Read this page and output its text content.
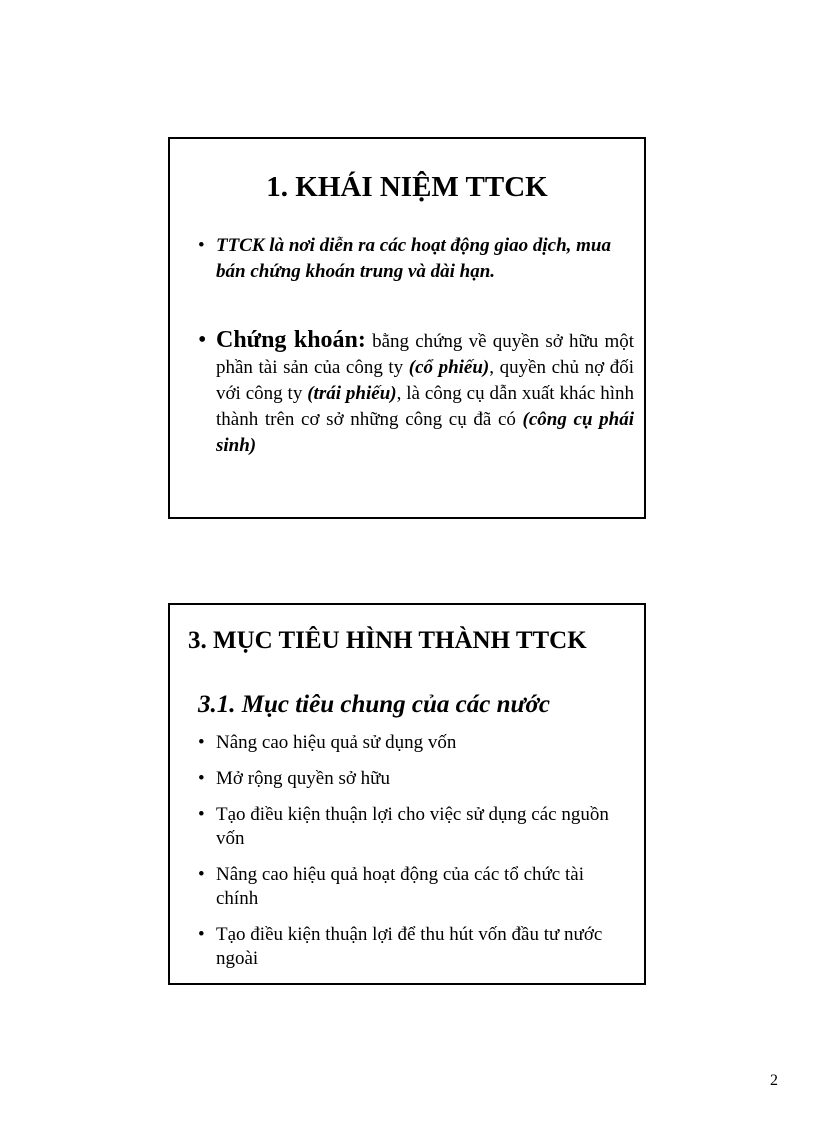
1. KHÁI NIỆM TTCK
• TTCK là nơi diễn ra các hoạt động giao dịch, mua bán chứng khoán trung và dài hạn.
• Chứng khoán: bằng chứng về quyền sở hữu một phần tài sản của công ty (cổ phiếu), quyền chủ nợ đối với công ty (trái phiếu), là công cụ dẫn xuất khác hình thành trên cơ sở những công cụ đã có (công cụ phái sinh)
3. MỤC TIÊU HÌNH THÀNH TTCK
3.1. Mục tiêu chung của các nước
• Nâng cao hiệu quả sử dụng vốn
• Mở rộng quyền sở hữu
• Tạo điều kiện thuận lợi cho việc sử dụng các nguồn vốn
• Nâng cao hiệu quả hoạt động của các tổ chức tài chính
• Tạo điều kiện thuận lợi để thu hút vốn đầu tư nước ngoài
2
